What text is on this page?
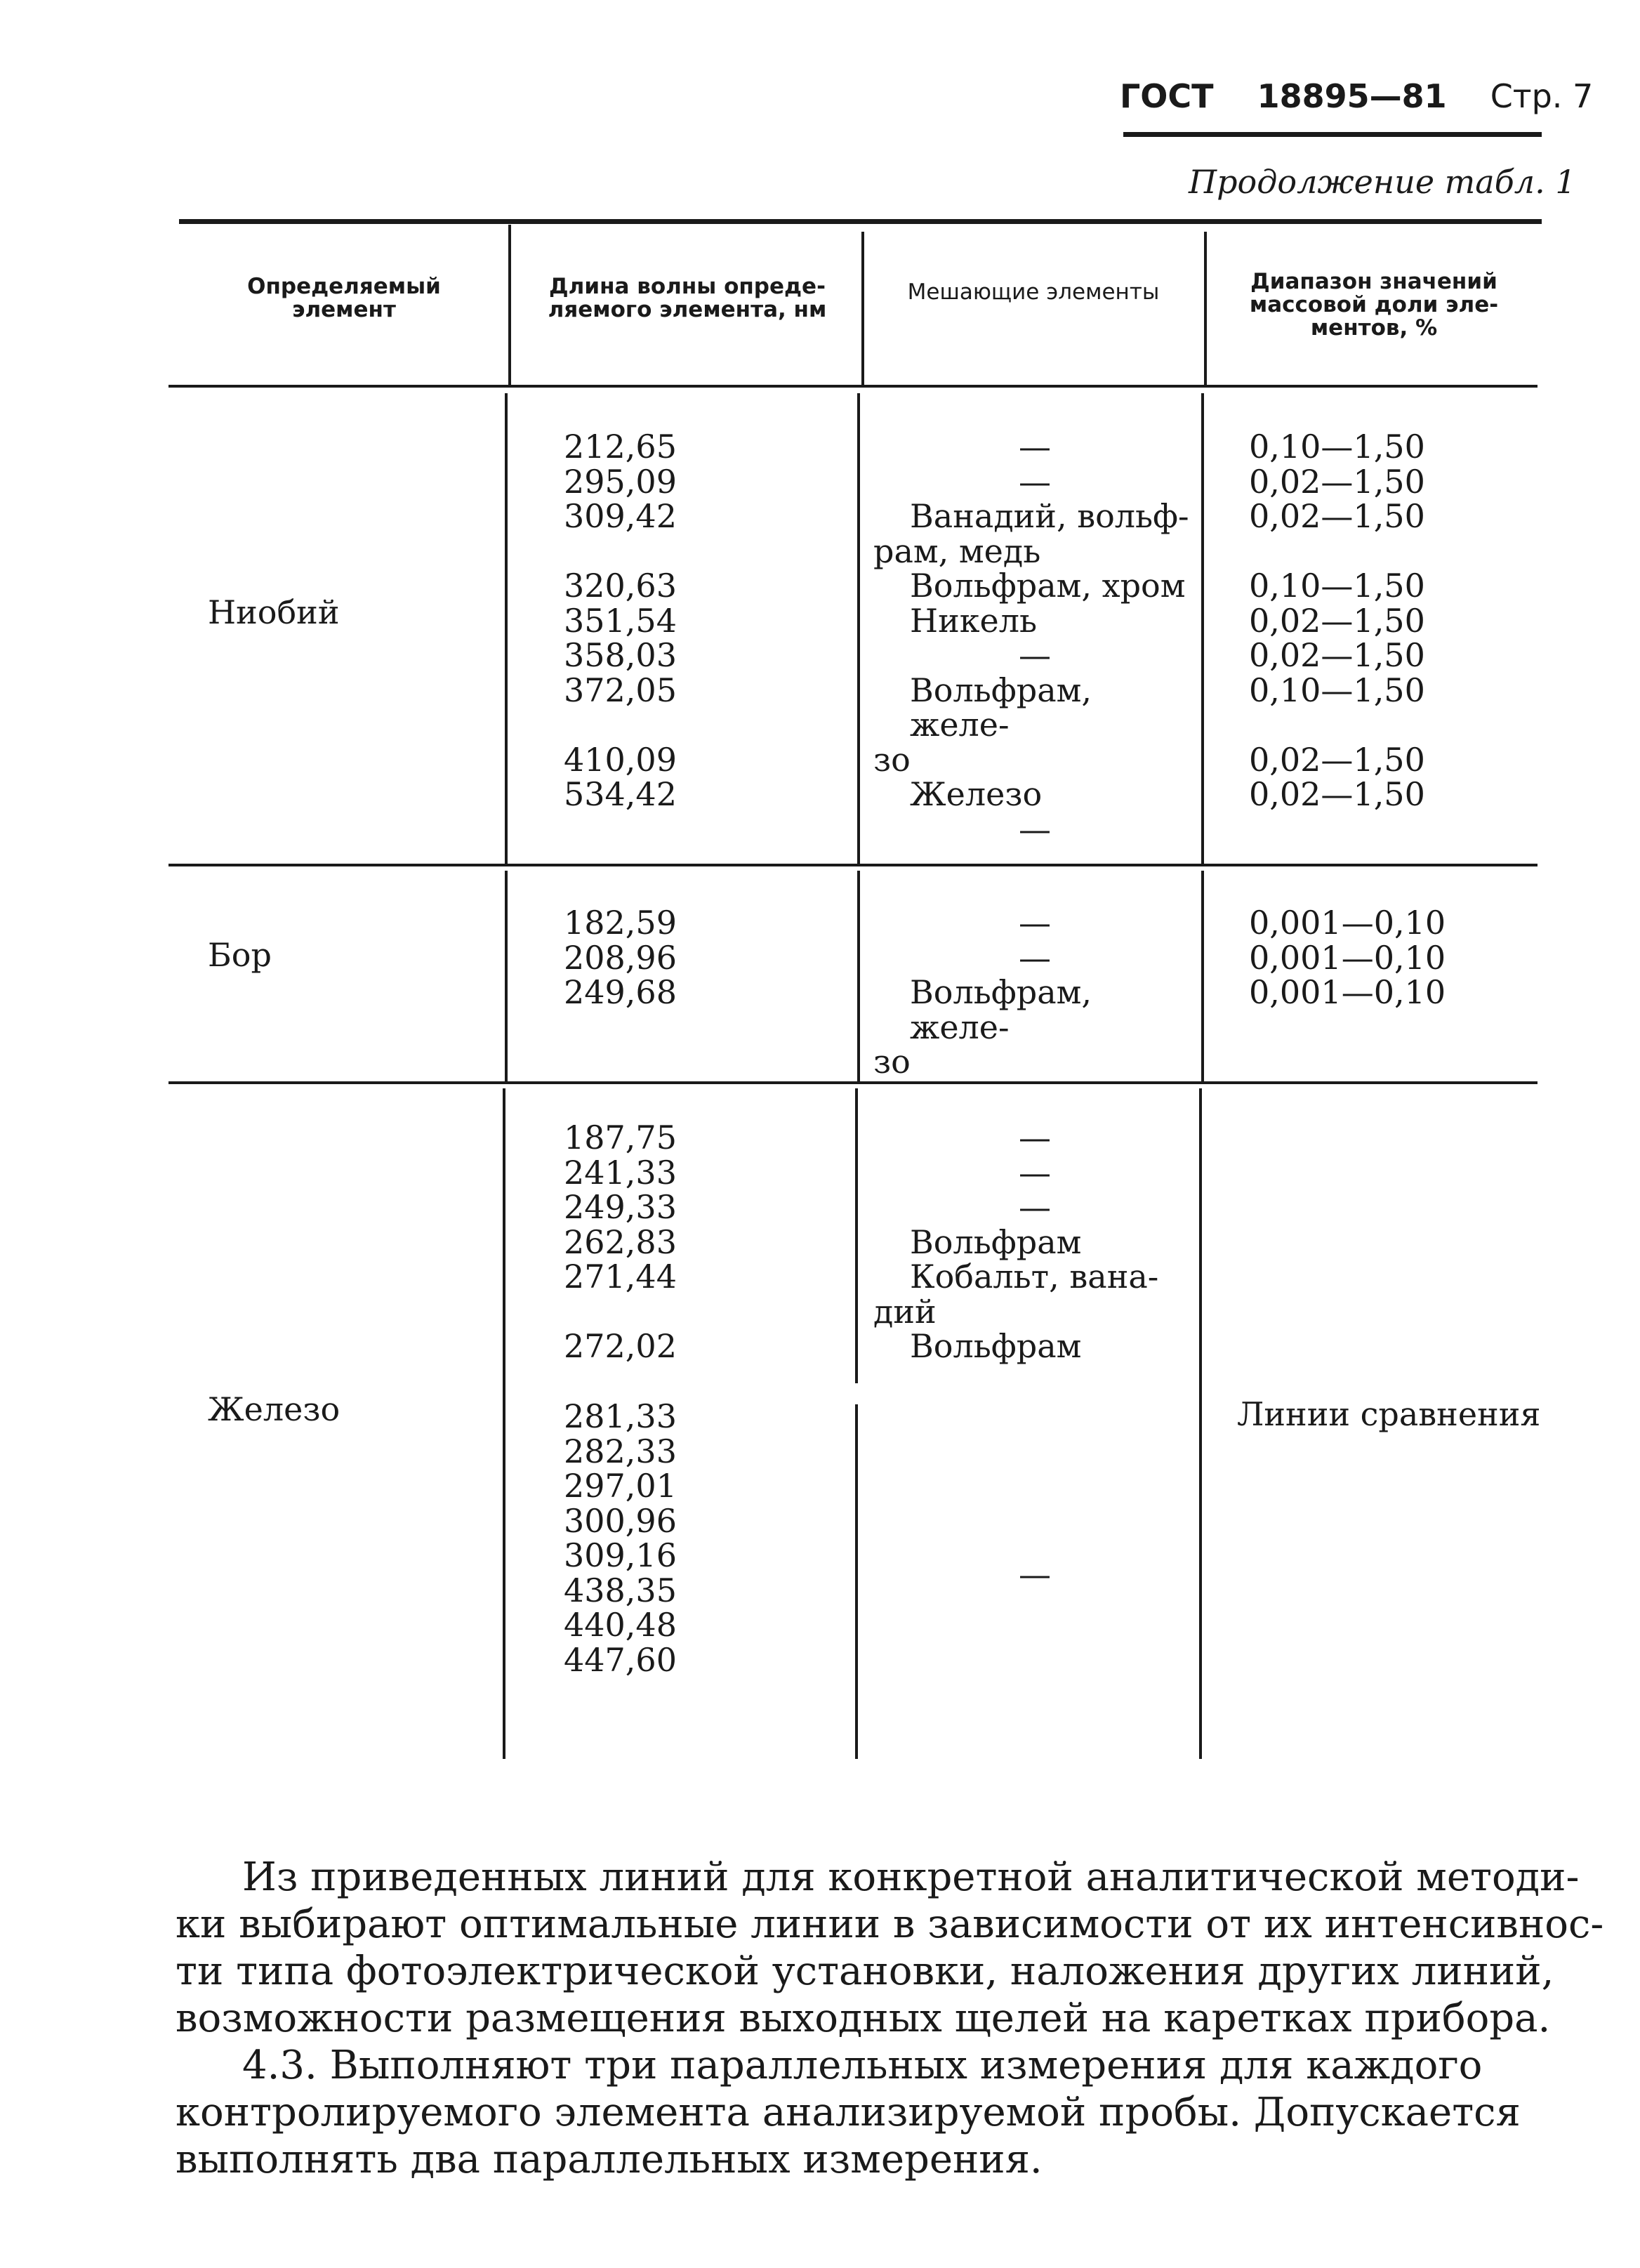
ГОСТ 18895—81 Стр. 7
Продолжение табл. 1
Определяемый
элемент
Длина волны опреде-
ляемого элемента, нм
Мешающие элементы	Диапазон значений
массовой доли эле-
ментов, %
Ниобий
212,65
295,09
309,42
320,63
351,54
358,03
372,05
410,09
534,42
—
—
Ванадий, вольф-
рам, медь
Вольфрам, хром
Никель
—
Вольфрам, желе-
зо
Железо
—
0,10—1,50
0,02—1,50
0,02—1,50
0,10—1,50
0,02—1,50
0,02—1,50
0,10—1,50
0,02—1,50
0,02—1,50
Бор
182,59
208,96
249,68
—
—
Вольфрам, желе-
зо
0,001—0,10
0,001—0,10
0,001—0,10
Железо
187,75
241,33
249,33
262,83
271,44
272,02
—
—
—
Вольфрам
Кобальт, вана-
дий
Вольфрам
281,33
282,33
297,01
300,96
309,16
438,35
440,48
447,60
—
Линии сравнения
Из приведенных линий для конкретной аналитической методи-
ки выбирают оптимальные линии в зависимости от их интенсивнос-
ти типа фотоэлектрической установки, наложения других линий,
возможности размещения выходных щелей на каретках прибора.
4.3. Выполняют три параллельных измерения для каждого
контролируемого элемента анализируемой пробы. Допускается
выполнять два параллельных измерения.
